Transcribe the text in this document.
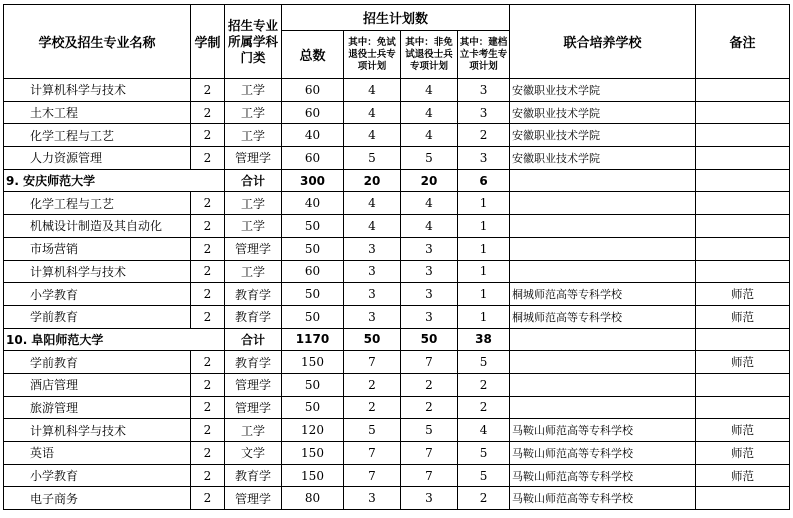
学校及招生专业名称	学制	招生专业所属学科门类	招生计划数				联合培养学校	备注
			总数	其中：免试退役士兵专项计划	其中：非免试退役士兵专项计划	其中：建档立卡考生专项计划		
计算机科学与技术	2	工学	60	4	4	3	安徽职业技术学院	
土木工程	2	工学	60	4	4	3	安徽职业技术学院	
化学工程与工艺	2	工学	40	4	4	2	安徽职业技术学院	
人力资源管理	2	管理学	60	5	5	3	安徽职业技术学院	
9. 安庆师范大学		合计	300	20	20	6		
化学工程与工艺	2	工学	40	4	4	1		
机械设计制造及其自动化	2	工学	50	4	4	1		
市场营销	2	管理学	50	3	3	1		
计算机科学与技术	2	工学	60	3	3	1		
小学教育	2	教育学	50	3	3	1	桐城师范高等专科学校	师范
学前教育	2	教育学	50	3	3	1	桐城师范高等专科学校	师范
10. 阜阳师范大学		合计	1170	50	50	38		
学前教育	2	教育学	150	7	7	5		师范
酒店管理	2	管理学	50	2	2	2		
旅游管理	2	管理学	50	2	2	2		
计算机科学与技术	2	工学	120	5	5	4	马鞍山师范高等专科学校	师范
英语	2	文学	150	7	7	5	马鞍山师范高等专科学校	师范
小学教育	2	教育学	150	7	7	5	马鞍山师范高等专科学校	师范
电子商务	2	管理学	80	3	3	2	马鞍山师范高等专科学校	
